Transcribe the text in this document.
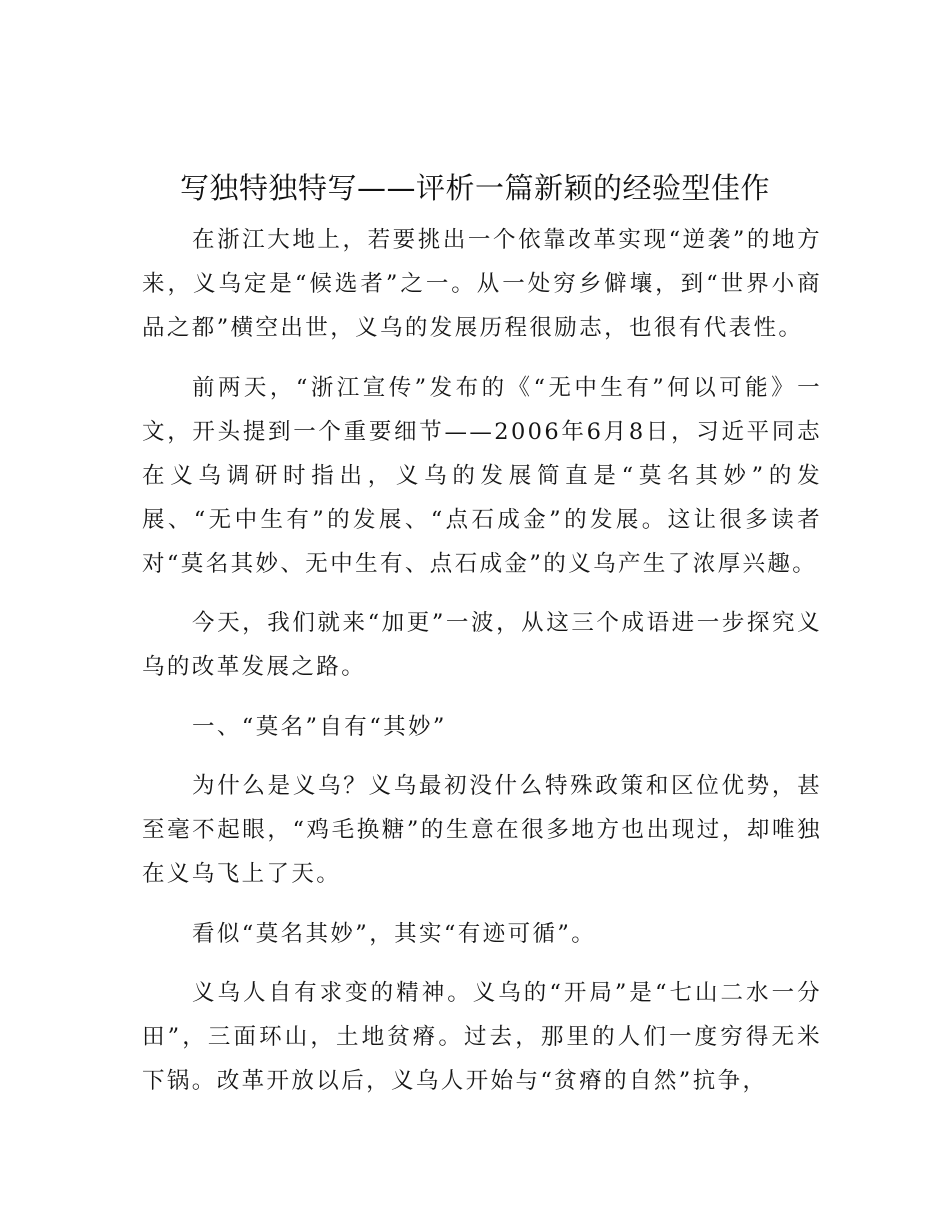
写独特独特写——评析一篇新颖的经验型佳作

在浙江大地上，若要挑出一个依靠改革实现“逆袭”的地方来，义乌定是“候选者”之一。从一处穷乡僻壤，到“世界小商品之都”横空出世，义乌的发展历程很励志，也很有代表性。

前两天，“浙江宣传”发布的《“无中生有”何以可能》一文，开头提到一个重要细节——2006年6月8日，习近平同志在义乌调研时指出，义乌的发展简直是“莫名其妙”的发展、“无中生有”的发展、“点石成金”的发展。这让很多读者对“莫名其妙、无中生有、点石成金”的义乌产生了浓厚兴趣。

今天，我们就来“加更”一波，从这三个成语进一步探究义乌的改革发展之路。

一、“莫名”自有“其妙”

为什么是义乌？义乌最初没什么特殊政策和区位优势，甚至毫不起眼，“鸡毛换糖”的生意在很多地方也出现过，却唯独在义乌飞上了天。

看似“莫名其妙”，其实“有迹可循”。

义乌人自有求变的精神。义乌的“开局”是“七山二水一分田”，三面环山，土地贫瘠。过去，那里的人们一度穷得无米下锅。改革开放以后，义乌人开始与“贫瘠的自然”抗争，
